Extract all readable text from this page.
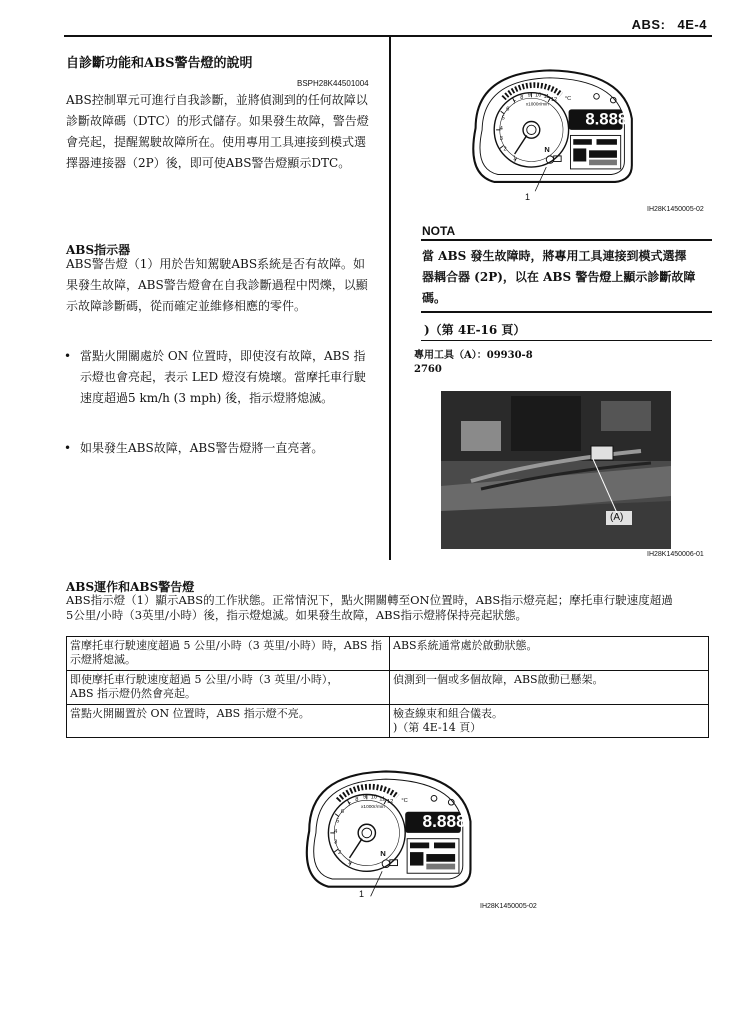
ABS: 4E-4
自診斷功能和ABS警告燈的說明
BSPH28K44501004
ABS控制單元可進行自我診斷，並將偵測到的任何故障以
診斷故障碼（DTC）的形式儲存。如果發生故障，警告燈
會亮起，提醒駕駛故障所在。使用專用工具連接到模式選
擇器連接器（2P）後，即可使ABS警告燈顯示DTC。
ABS指示器
ABS警告燈（1）用於告知駕駛ABS系統是否有故障。如
果發生故障，ABS警告燈會在自我診斷過程中閃爍，以顯
示故障診斷碼，從而確定並維修相應的零件。
• 當點火開關處於 ON 位置時，即使沒有故障，ABS 指
示燈也會亮起，表示 LED 燈沒有燒壞。當摩托車行駛
速度超過5 km/h (3 mph) 後，指示燈將熄滅。
• 如果發生ABS故障，ABS警告燈將一直亮著。
8.888
x1000r/min
N
°C
1
2
3
4
5
6
7
8 9 10 11 12
1
IH28K1450005-02
NOTA
當 ABS 發生故障時，將專用工具連接到模式選擇
器耦合器 (2P)，以在 ABS 警告燈上顯示診斷故障
碼。
)（第 4E-16 頁）
專用工具（A）：09930-8
2760
(A)
IH28K1450006-01
ABS運作和ABS警告燈
ABS指示燈（1）顯示ABS的工作狀態。正常情況下，點火開關轉至ON位置時，ABS指示燈亮起；摩托車行駛速度超過
5公里/小時（3英里/小時）後，指示燈熄滅。如果發生故障，ABS指示燈將保持亮起狀態。
當摩托車行駛速度超過 5 公里/小時（3 英里/小時）時，ABS 指
示燈將熄滅。	ABS系統通常處於啟動狀態。

即使摩托車行駛速度超過 5 公里/小時（3 英里/小時），
ABS 指示燈仍然會亮起。	偵測到一個或多個故障，ABS啟動已懸架。

當點火開關置於 ON 位置時，ABS 指示燈不亮。	檢查線束和組合儀表。
)（第 4E-14 頁）
8.888
x1000r/min
N
°C
1
2
3
4
5
6
7
8 9 10 11 12
1
IH28K1450005-02
